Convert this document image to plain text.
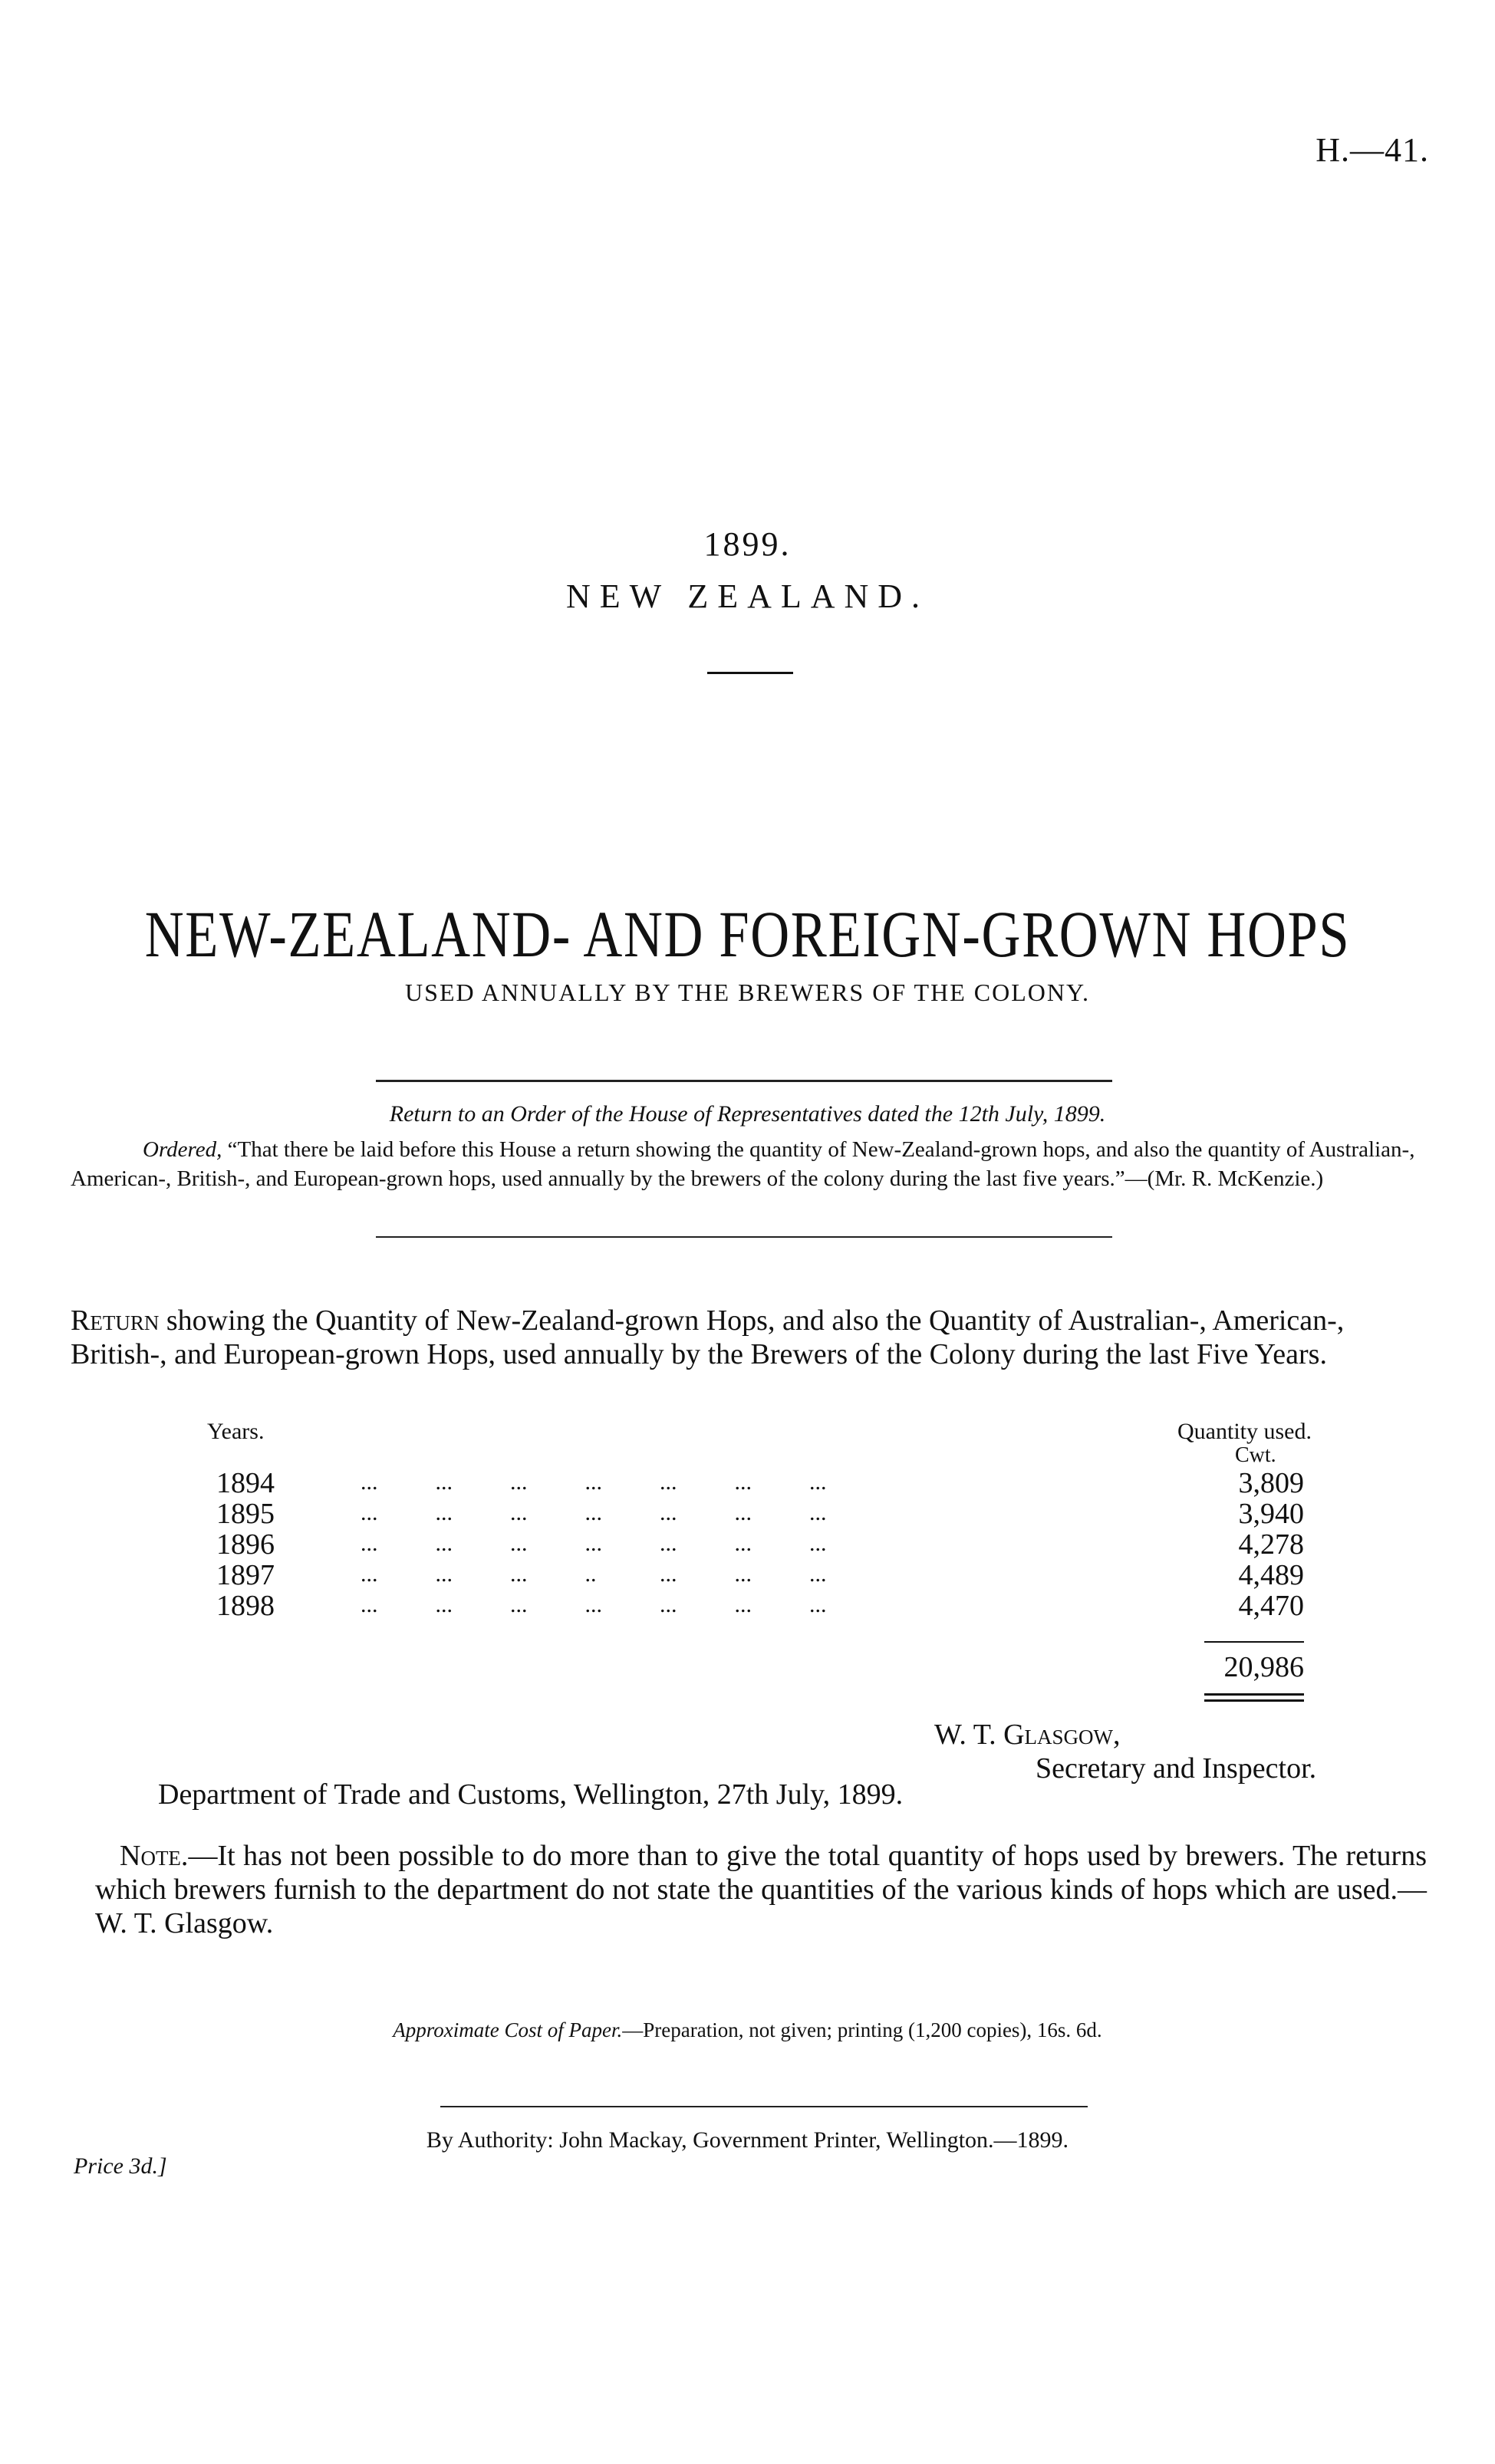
H.—41.
1899.
NEW ZEALAND.
NEW-ZEALAND- AND FOREIGN-GROWN HOPS
USED ANNUALLY BY THE BREWERS OF THE COLONY.
Return to an Order of the House of Representatives dated the 12th July, 1899.
Ordered, “That there be laid before this House a return showing the quantity of New-Zealand-grown hops, and also the quantity of Australian-, American-, British-, and European-grown hops, used annually by the brewers of the colony during the last five years.”—(Mr. R. McKenzie.)
Return showing the Quantity of New-Zealand-grown Hops, and also the Quantity of Australian-, American-, British-, and European-grown Hops, used annually by the Brewers of the Colony during the last Five Years.
Years.	Quantity used.
Cwt.
1894	...          ...          ...          ...          ...          ...          ...	3,809
1895	...          ...          ...          ...          ...          ...          ...	3,940
1896	...          ...          ...          ...          ...          ...          ...	4,278
1897	...          ...          ...          ..           ...          ...          ...	4,489
1898	...          ...          ...          ...          ...          ...          ...	4,470
20,986
W. T. Glasgow,
Secretary and Inspector.
Department of Trade and Customs, Wellington, 27th July, 1899.
Note.—It has not been possible to do more than to give the total quantity of hops used by brewers. The returns which brewers furnish to the department do not state the quantities of the various kinds of hops which are used.—W. T. Glasgow.
Approximate Cost of Paper.—Preparation, not given; printing (1,200 copies), 16s. 6d.
By Authority: John Mackay, Government Printer, Wellington.—1899.
Price 3d.]
